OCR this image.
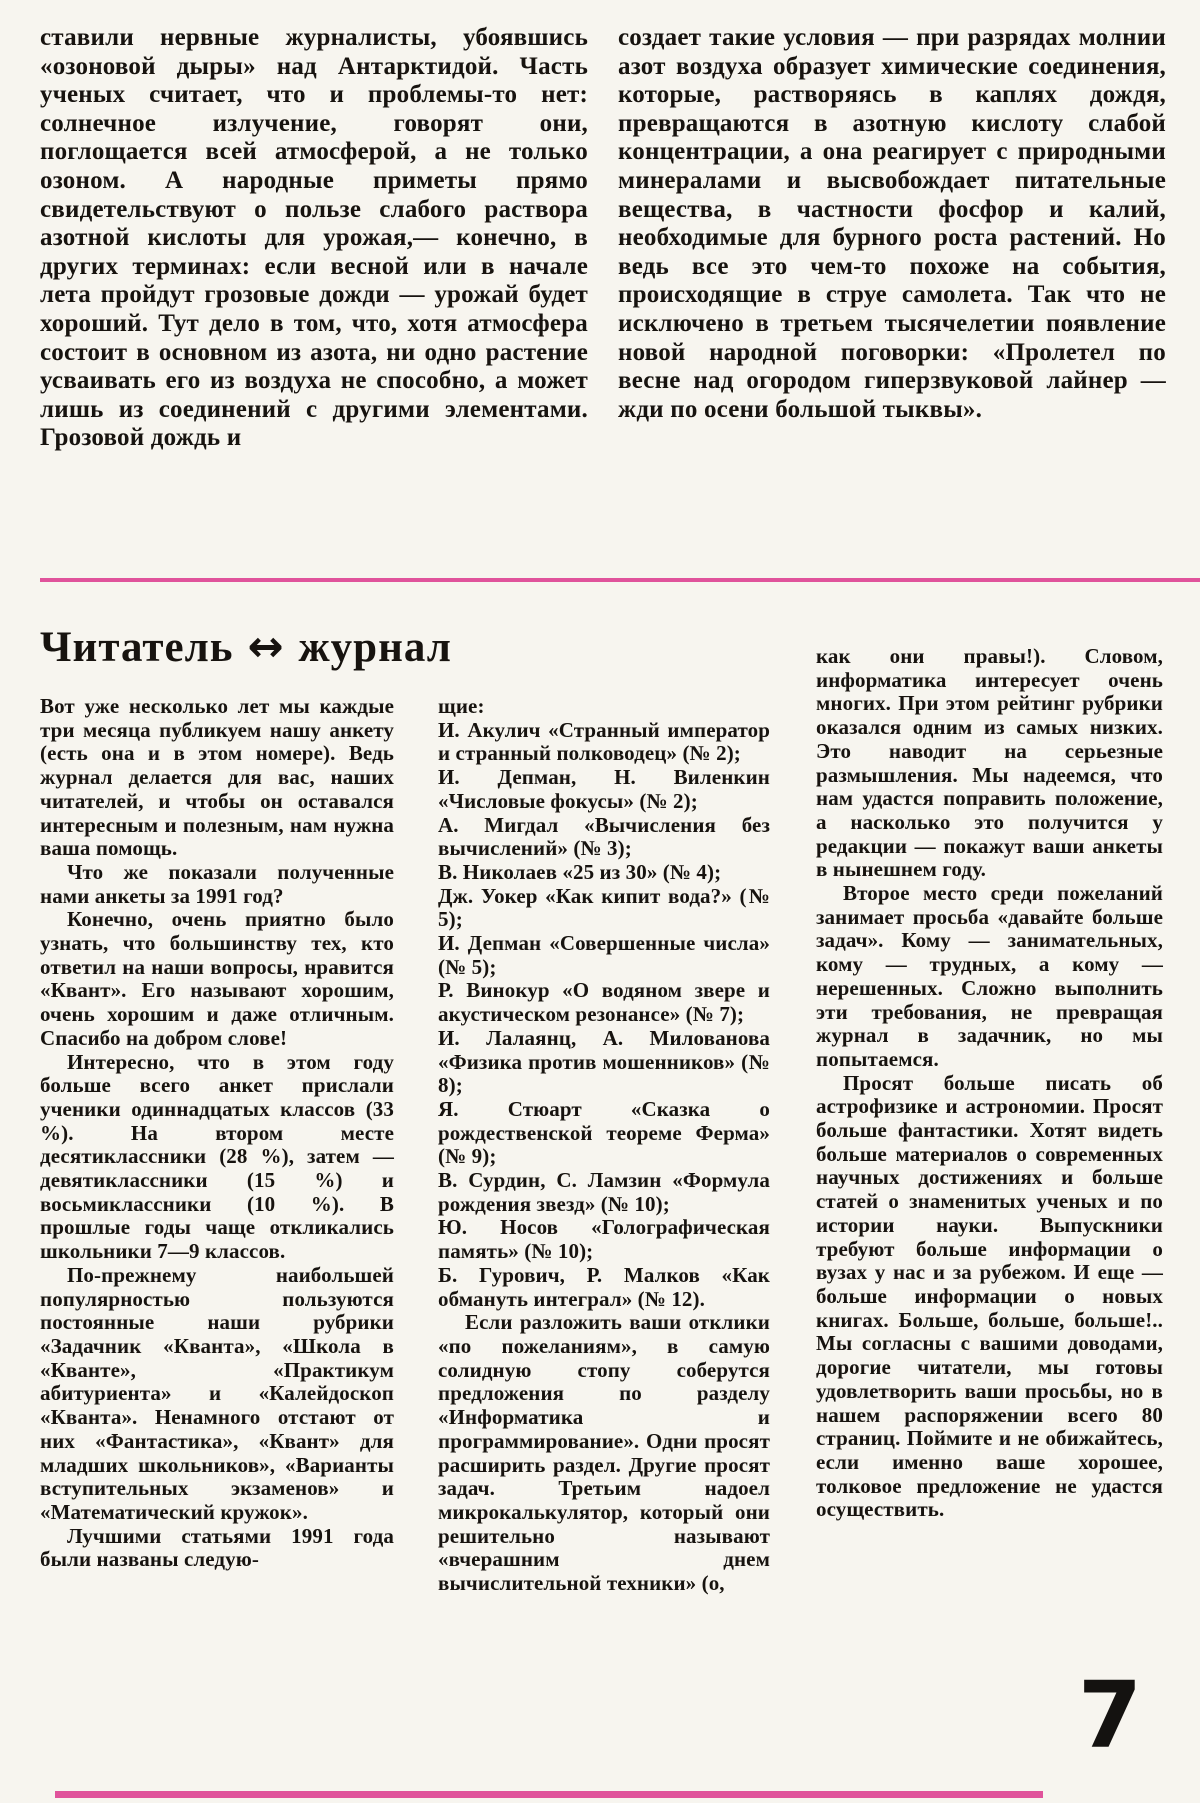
ставили нервные журналисты, убоявшись «озоновой дыры» над Антарктидой. Часть ученых считает, что и проблемы-то нет: солнечное излучение, говорят они, поглощается всей атмосферой, а не только озоном. А народные приметы прямо свидетельствуют о пользе слабого раствора азотной кислоты для урожая,— конечно, в других терминах: если весной или в начале лета пройдут грозовые дожди — урожай будет хороший. Тут дело в том, что, хотя атмосфера состоит в основном из азота, ни одно растение усваивать его из воздуха не способно, а может лишь из соединений с другими элементами. Грозовой дождь и
создает такие условия — при разрядах молнии азот воздуха образует химические соединения, которые, растворяясь в каплях дождя, превращаются в азотную кислоту слабой концентрации, а она реагирует с природными минералами и высвобождает питательные вещества, в частности фосфор и калий, необходимые для бурного роста растений. Но ведь все это чем-то похоже на события, происходящие в струе самолета. Так что не исключено в третьем тысячелетии появление новой народной поговорки: «Пролетел по весне над огородом гиперзвуковой лайнер — жди по осени большой тыквы».
Читатель ↔ журнал

Вот уже несколько лет мы каждые три месяца публикуем нашу анкету (есть она и в этом номере). Ведь журнал делается для вас, наших читателей, и чтобы он оставался интересным и полезным, нам нужна ваша помощь.

Что же показали полученные нами анкеты за 1991 год?

Конечно, очень приятно было узнать, что большинству тех, кто ответил на наши вопросы, нравится «Квант». Его называют хорошим, очень хорошим и даже отличным. Спасибо на добром слове!

Интересно, что в этом году больше всего анкет прислали ученики одиннадцатых классов (33 %). На втором месте десятиклассники (28 %), затем — девятиклассники (15 %) и восьмиклассники (10 %). В прошлые годы чаще откликались школьники 7—9 классов.

По-прежнему наибольшей популярностью пользуются постоянные наши рубрики «Задачник «Кванта», «Школа в «Кванте», «Практикум абитуриента» и «Калейдоскоп «Кванта». Ненамного отстают от них «Фантастика», «Квант» для младших школьников», «Варианты вступительных экзаменов» и «Математический кружок».

Лучшими статьями 1991 года были названы следую-

щие:

И. Акулич «Странный император и странный полководец» (№ 2);

И. Депман, Н. Виленкин «Числовые фокусы» (№ 2);

А. Мигдал «Вычисления без вычислений» (№ 3);

В. Николаев «25 из 30» (№ 4);

Дж. Уокер «Как кипит вода?» (№ 5);

И. Депман «Совершенные числа» (№ 5);

Р. Винокур «О водяном звере и акустическом резонансе» (№ 7);

И. Лалаянц, А. Милованова «Физика против мошенников» (№ 8);

Я. Стюарт «Сказка о рождественской теореме Ферма» (№ 9);

В. Сурдин, С. Ламзин «Формула рождения звезд» (№ 10);

Ю. Носов «Голографическая память» (№ 10);

Б. Гурович, Р. Малков «Как обмануть интеграл» (№ 12).

Если разложить ваши отклики «по пожеланиям», в самую солидную стопу соберутся предложения по разделу «Информатика и программирование». Одни просят расширить раздел. Другие просят задач. Третьим надоел микрокалькулятор, который они решительно называют «вчерашним днем вычислительной техники» (о,

как они правы!). Словом, информатика интересует очень многих. При этом рейтинг рубрики оказался одним из самых низких. Это наводит на серьезные размышления. Мы надеемся, что нам удастся поправить положение, а насколько это получится у редакции — покажут ваши анкеты в нынешнем году.

Второе место среди пожеланий занимает просьба «давайте больше задач». Кому — занимательных, кому — трудных, а кому — нерешенных. Сложно выполнить эти требования, не превращая журнал в задачник, но мы попытаемся.

Просят больше писать об астрофизике и астрономии. Просят больше фантастики. Хотят видеть больше материалов о современных научных достижениях и больше статей о знаменитых ученых и по истории науки. Выпускники требуют больше информации о вузах у нас и за рубежом. И еще — больше информации о новых книгах. Больше, больше, больше!.. Мы согласны с вашими доводами, дорогие читатели, мы готовы удовлетворить ваши просьбы, но в нашем распоряжении всего 80 страниц. Поймите и не обижайтесь, если именно ваше хорошее, толковое предложение не удастся осуществить.

7
